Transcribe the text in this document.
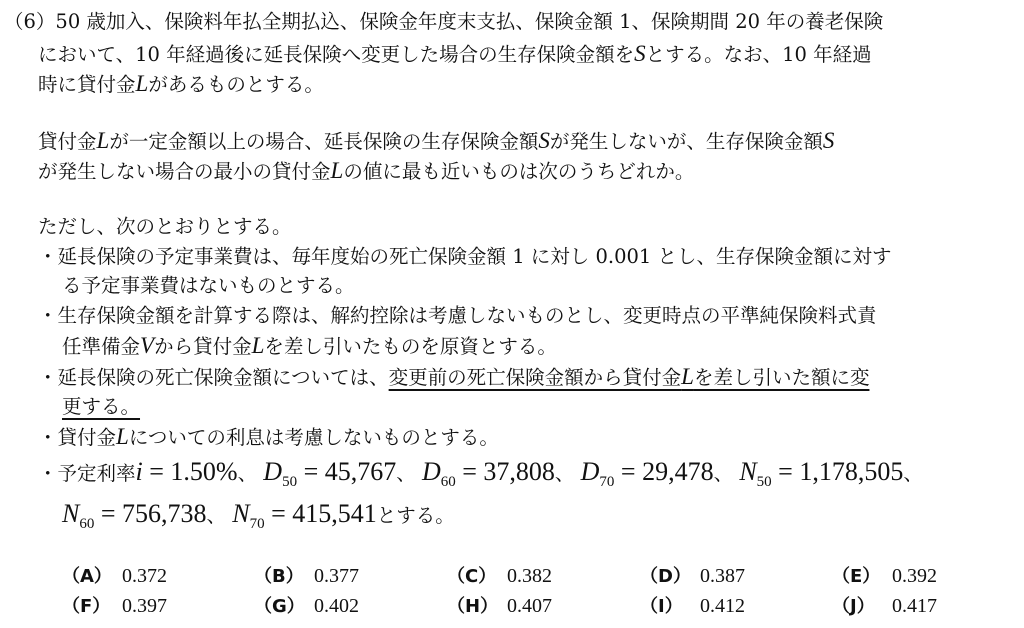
（6）50 歳加入、保険料年払全期払込、保険金年度末支払、保険金額 1、保険期間 20 年の養老保険
において、10 年経過後に延長保険へ変更した場合の生存保険金額をSとする。なお、10 年経過
時に貸付金Lがあるものとする。
貸付金Lが一定金額以上の場合、延長保険の生存保険金額Sが発生しないが、生存保険金額S
が発生しない場合の最小の貸付金Lの値に最も近いものは次のうちどれか。
ただし、次のとおりとする。
・延長保険の予定事業費は、毎年度始の死亡保険金額 1 に対し 0.001 とし、生存保険金額に対す
る予定事業費はないものとする。
・生存保険金額を計算する際は、解約控除は考慮しないものとし、変更時点の平準純保険料式責
任準備金Vから貸付金Lを差し引いたものを原資とする。
・延長保険の死亡保険金額については、変更前の死亡保険金額から貸付金Lを差し引いた額に変
更する。
・貸付金Lについての利息は考慮しないものとする。
・予定利率i = 1.50%、 $D_{50} = 45,767$、 $D_{60} = 37,808$、 $D_{70} = 29,478$、 $N_{50} = 1,178,505$、
$N_{60} = 756,738$、 $N_{70} = 415,541$とする。
（A） 0.372	（B） 0.377	（C） 0.382	（D） 0.387	（E） 0.392
（F） 0.397	（G） 0.402	（H） 0.407	（I） 0.412	（J） 0.417
